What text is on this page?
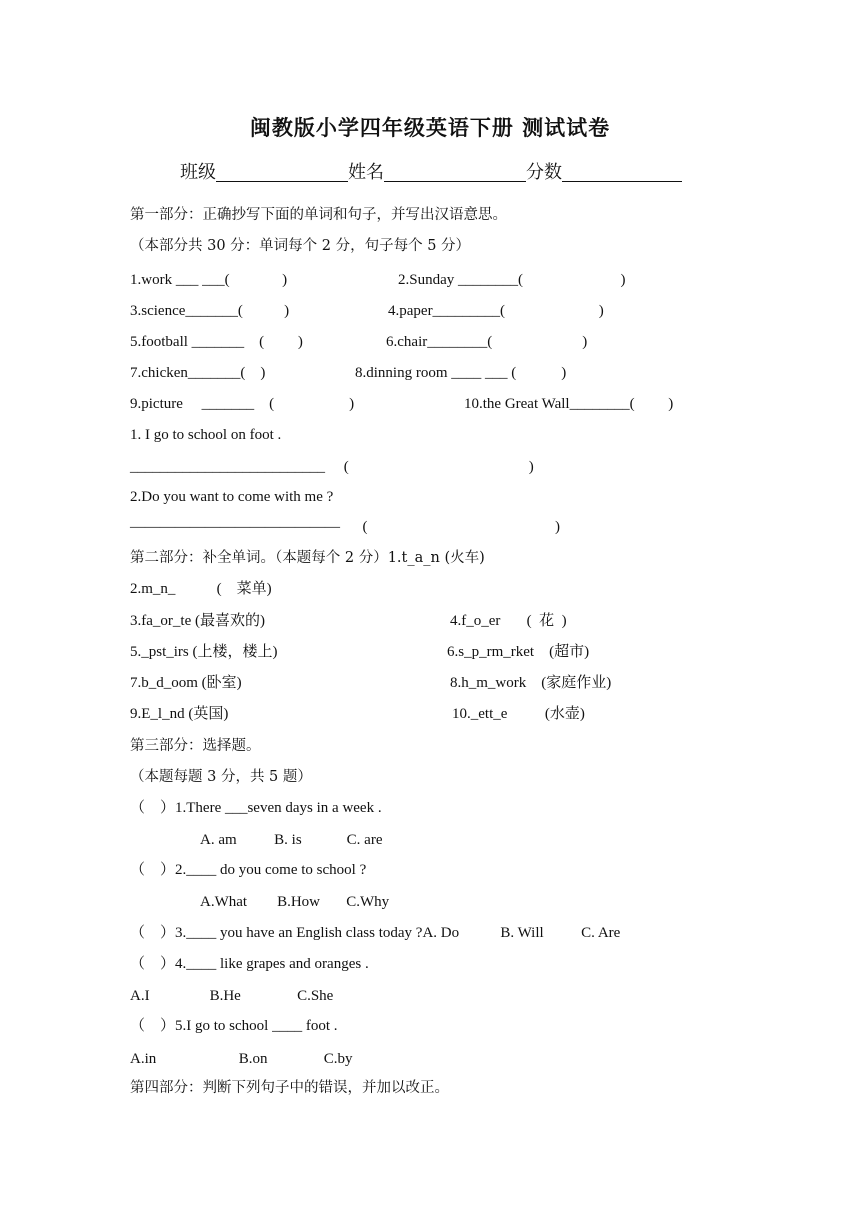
闽教版小学四年级英语下册 测试试卷
班级	姓名	分数
第一部分：正确抄写下面的单词和句子，并写出汉语意思。
（本部分共 30 分：单词每个 2 分，句子每个 5 分）
1.work ___ ___(              )	2.Sunday ________(                          )
3.science_______(           )	4.paper_________(                         )
5.football _______    (         )	6.chair________(                        )
7.chicken_______(    )	8.dinning room ____ ___ (            )
9.picture     _______    (                    )	10.the Great Wall________(         )
1. I go to school on foot .
__________________________     (                                                )
2.Do you want to come with me ?
——————————————      (                                                  )
第二部分：补全单词。（本题每个 2 分）1.t_a_n (火车)
2.m_n_           (    菜单)
3.fa_or_te (最喜欢的)	4.f_o_er       (  花  )
5._pst_irs (上楼，楼上)	6.s_p_rm_rket    (超市)
7.b_d_oom (卧室)	8.h_m_work    (家庭作业)
9.E_l_nd (英国)	10._ett_e          (水壶)
第三部分：选择题。
（本题每题 3 分，共 5 题）
（    ）1.There ___seven days in a week .
A. am          B. is            C. are
（    ）2.____ do you come to school ?
A.What        B.How       C.Why
（    ）3.____ you have an English class today ?A. Do           B. Will          C. Are
（    ）4.____ like grapes and oranges .
A.I                B.He               C.She
（    ）5.I go to school ____ foot .
A.in                      B.on               C.by
第四部分：判断下列句子中的错误，并加以改正。
